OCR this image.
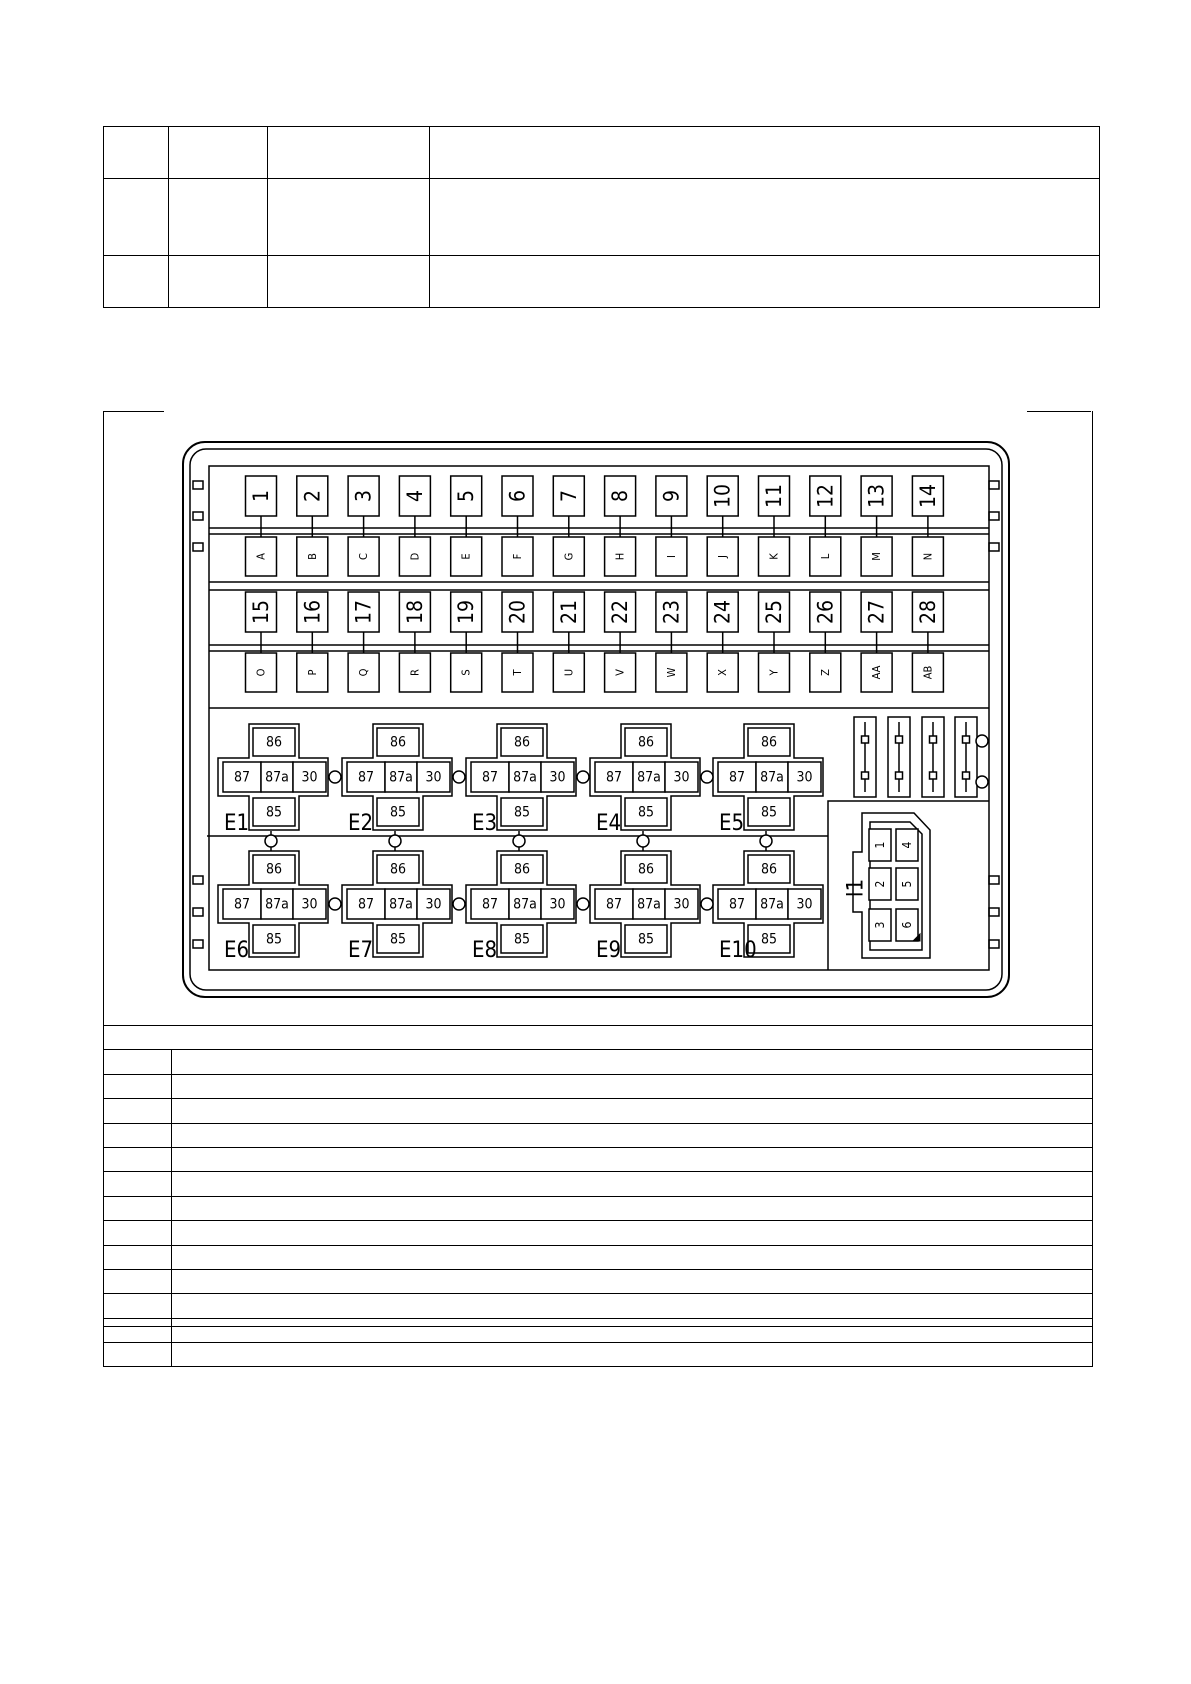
1
A
2
B
3
C
4
D
5
E
6
F
7
G
8
H
9
I
10
J
11
K
12
L
13
M
14
N
15
O
16
P
17
Q
18
R
19
S
20
T
21
U
22
V
23
W
24
X
25
Y
26
Z
27
AA
28
AB
86
87 87a 30
85
E1
86
87 87a 30
85
E2
86
87 87a 30
85
E3
86
87 87a 30
85
E4
86
87 87a 30
85
E5
86
87 87a 30
85
E6
86
87 87a 30
85
E7
86
87 87a 30
85
E8
86
87 87a 30
85
E9
86
87 87a 30
85
E10
I1
1
2
3
4
5
6
